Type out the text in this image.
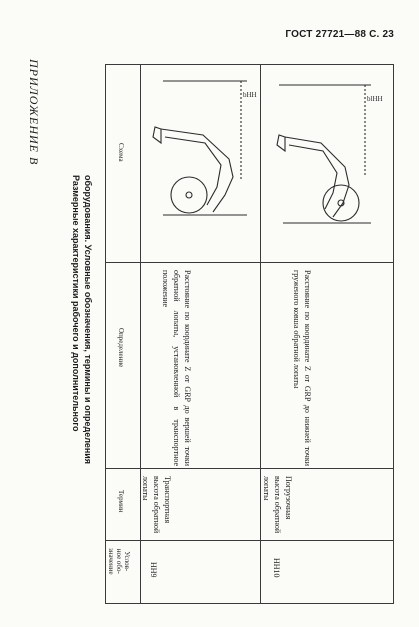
ГОСТ 27721—88 С. 23
ПРИЛОЖЕНИЕ В
Размерные характеристики рабочего и дополнительного оборудования. Условные обозначения, термины и определения
Услов-
ное обо-
значение
Термин
Определение
Схема
HH9
Транспортная высота обратной лопаты
Расстояние по координате Z от GRP до вершей точки обратной лопаты, установленной в транспортное положение
bHH
HH10
Погрузочная высота обратной лопаты
Расстояние по координате Z от GRP до нижней точки груженого ковша обратной лопаты
blHH
